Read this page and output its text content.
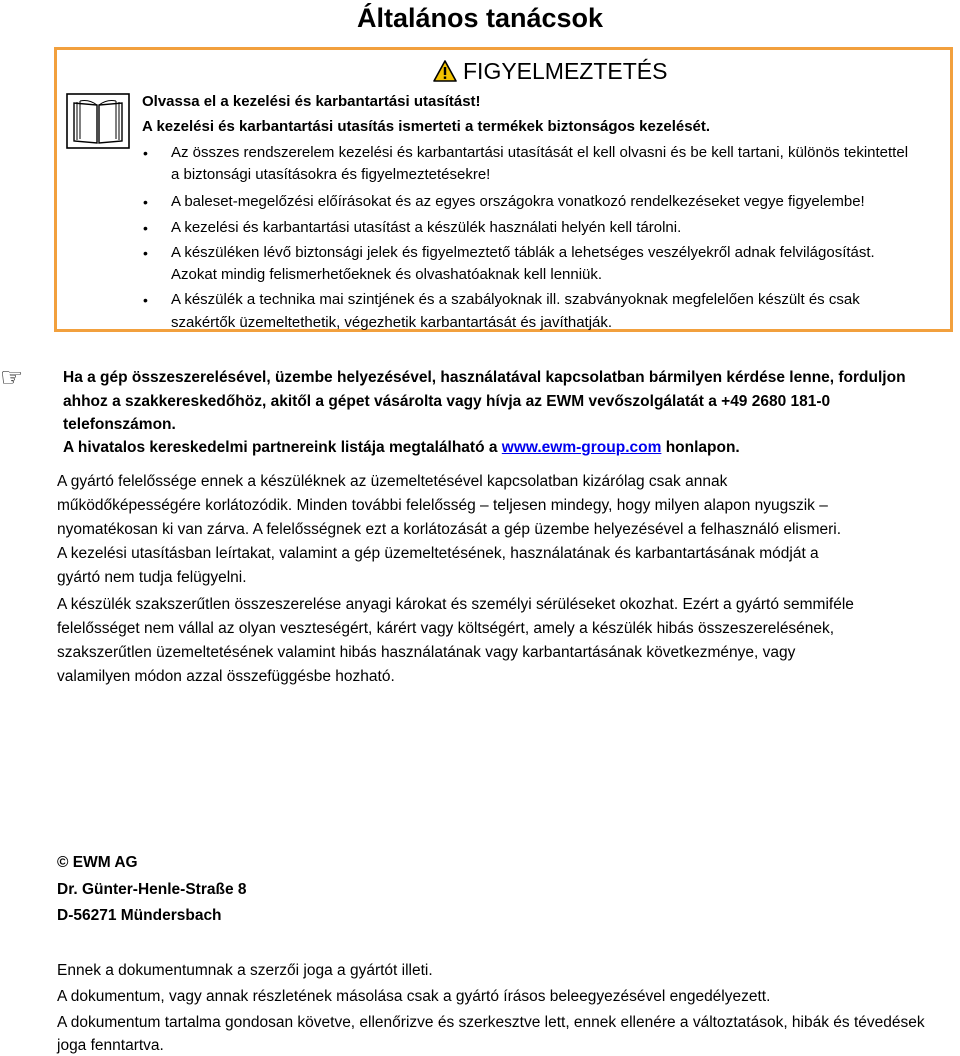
Általános tanácsok
FIGYELMEZTETÉS
Olvassa el a kezelési és karbantartási utasítást!
A kezelési és karbantartási utasítás ismerteti a termékek biztonságos kezelését.
• Az összes rendszerelem kezelési és karbantartási utasítását el kell olvasni és be kell tartani, különös tekintettel
a biztonsági utasításokra és figyelmeztetésekre!
• A baleset-megelőzési előírásokat és az egyes országokra vonatkozó rendelkezéseket vegye figyelembe!
• A kezelési és karbantartási utasítást a készülék használati helyén kell tárolni.
• A készüléken lévő biztonsági jelek és figyelmeztető táblák a lehetséges veszélyekről adnak felvilágosítást.
Azokat mindig felismerhetőeknek és olvashatóaknak kell lenniük.
• A készülék a technika mai szintjének és a szabályoknak ill. szabványoknak megfelelően készült és csak
szakértők üzemeltethetik, végezhetik karbantartását és javíthatják.
☞	Ha a gép összeszerelésével, üzembe helyezésével, használatával kapcsolatban bármilyen kérdése lenne, forduljon
ahhoz a szakkereskedőhöz, akitől a gépet vásárolta vagy hívja az EWM vevőszolgálatát a +49 2680 181-0
telefonszámon.
A hivatalos kereskedelmi partnereink listája megtalálható a www.ewm-group.com honlapon.
A gyártó felelőssége ennek a készüléknek az üzemeltetésével kapcsolatban kizárólag csak annak
működőképességére korlátozódik. Minden további felelősség – teljesen mindegy, hogy milyen alapon nyugszik –
nyomatékosan ki van zárva. A felelősségnek ezt a korlátozását a gép üzembe helyezésével a felhasználó elismeri.
A kezelési utasításban leírtakat, valamint a gép üzemeltetésének, használatának és karbantartásának módját a
gyártó nem tudja felügyelni.
A készülék szakszerűtlen összeszerelése anyagi károkat és személyi sérüléseket okozhat. Ezért a gyártó semmiféle
felelősséget nem vállal az olyan veszteségért, kárért vagy költségért, amely a készülék hibás összeszerelésének,
szakszerűtlen üzemeltetésének valamint hibás használatának vagy karbantartásának következménye, vagy
valamilyen módon azzal összefüggésbe hozható.
© EWM AG
Dr. Günter-Henle-Straße 8
D-56271 Mündersbach
Ennek a dokumentumnak a szerzői joga a gyártót illeti.
A dokumentum, vagy annak részletének másolása csak a gyártó írásos beleegyezésével engedélyezett.
A dokumentum tartalma gondosan követve, ellenőrizve és szerkesztve lett, ennek ellenére a változtatások, hibák és tévedések
joga fenntartva.
